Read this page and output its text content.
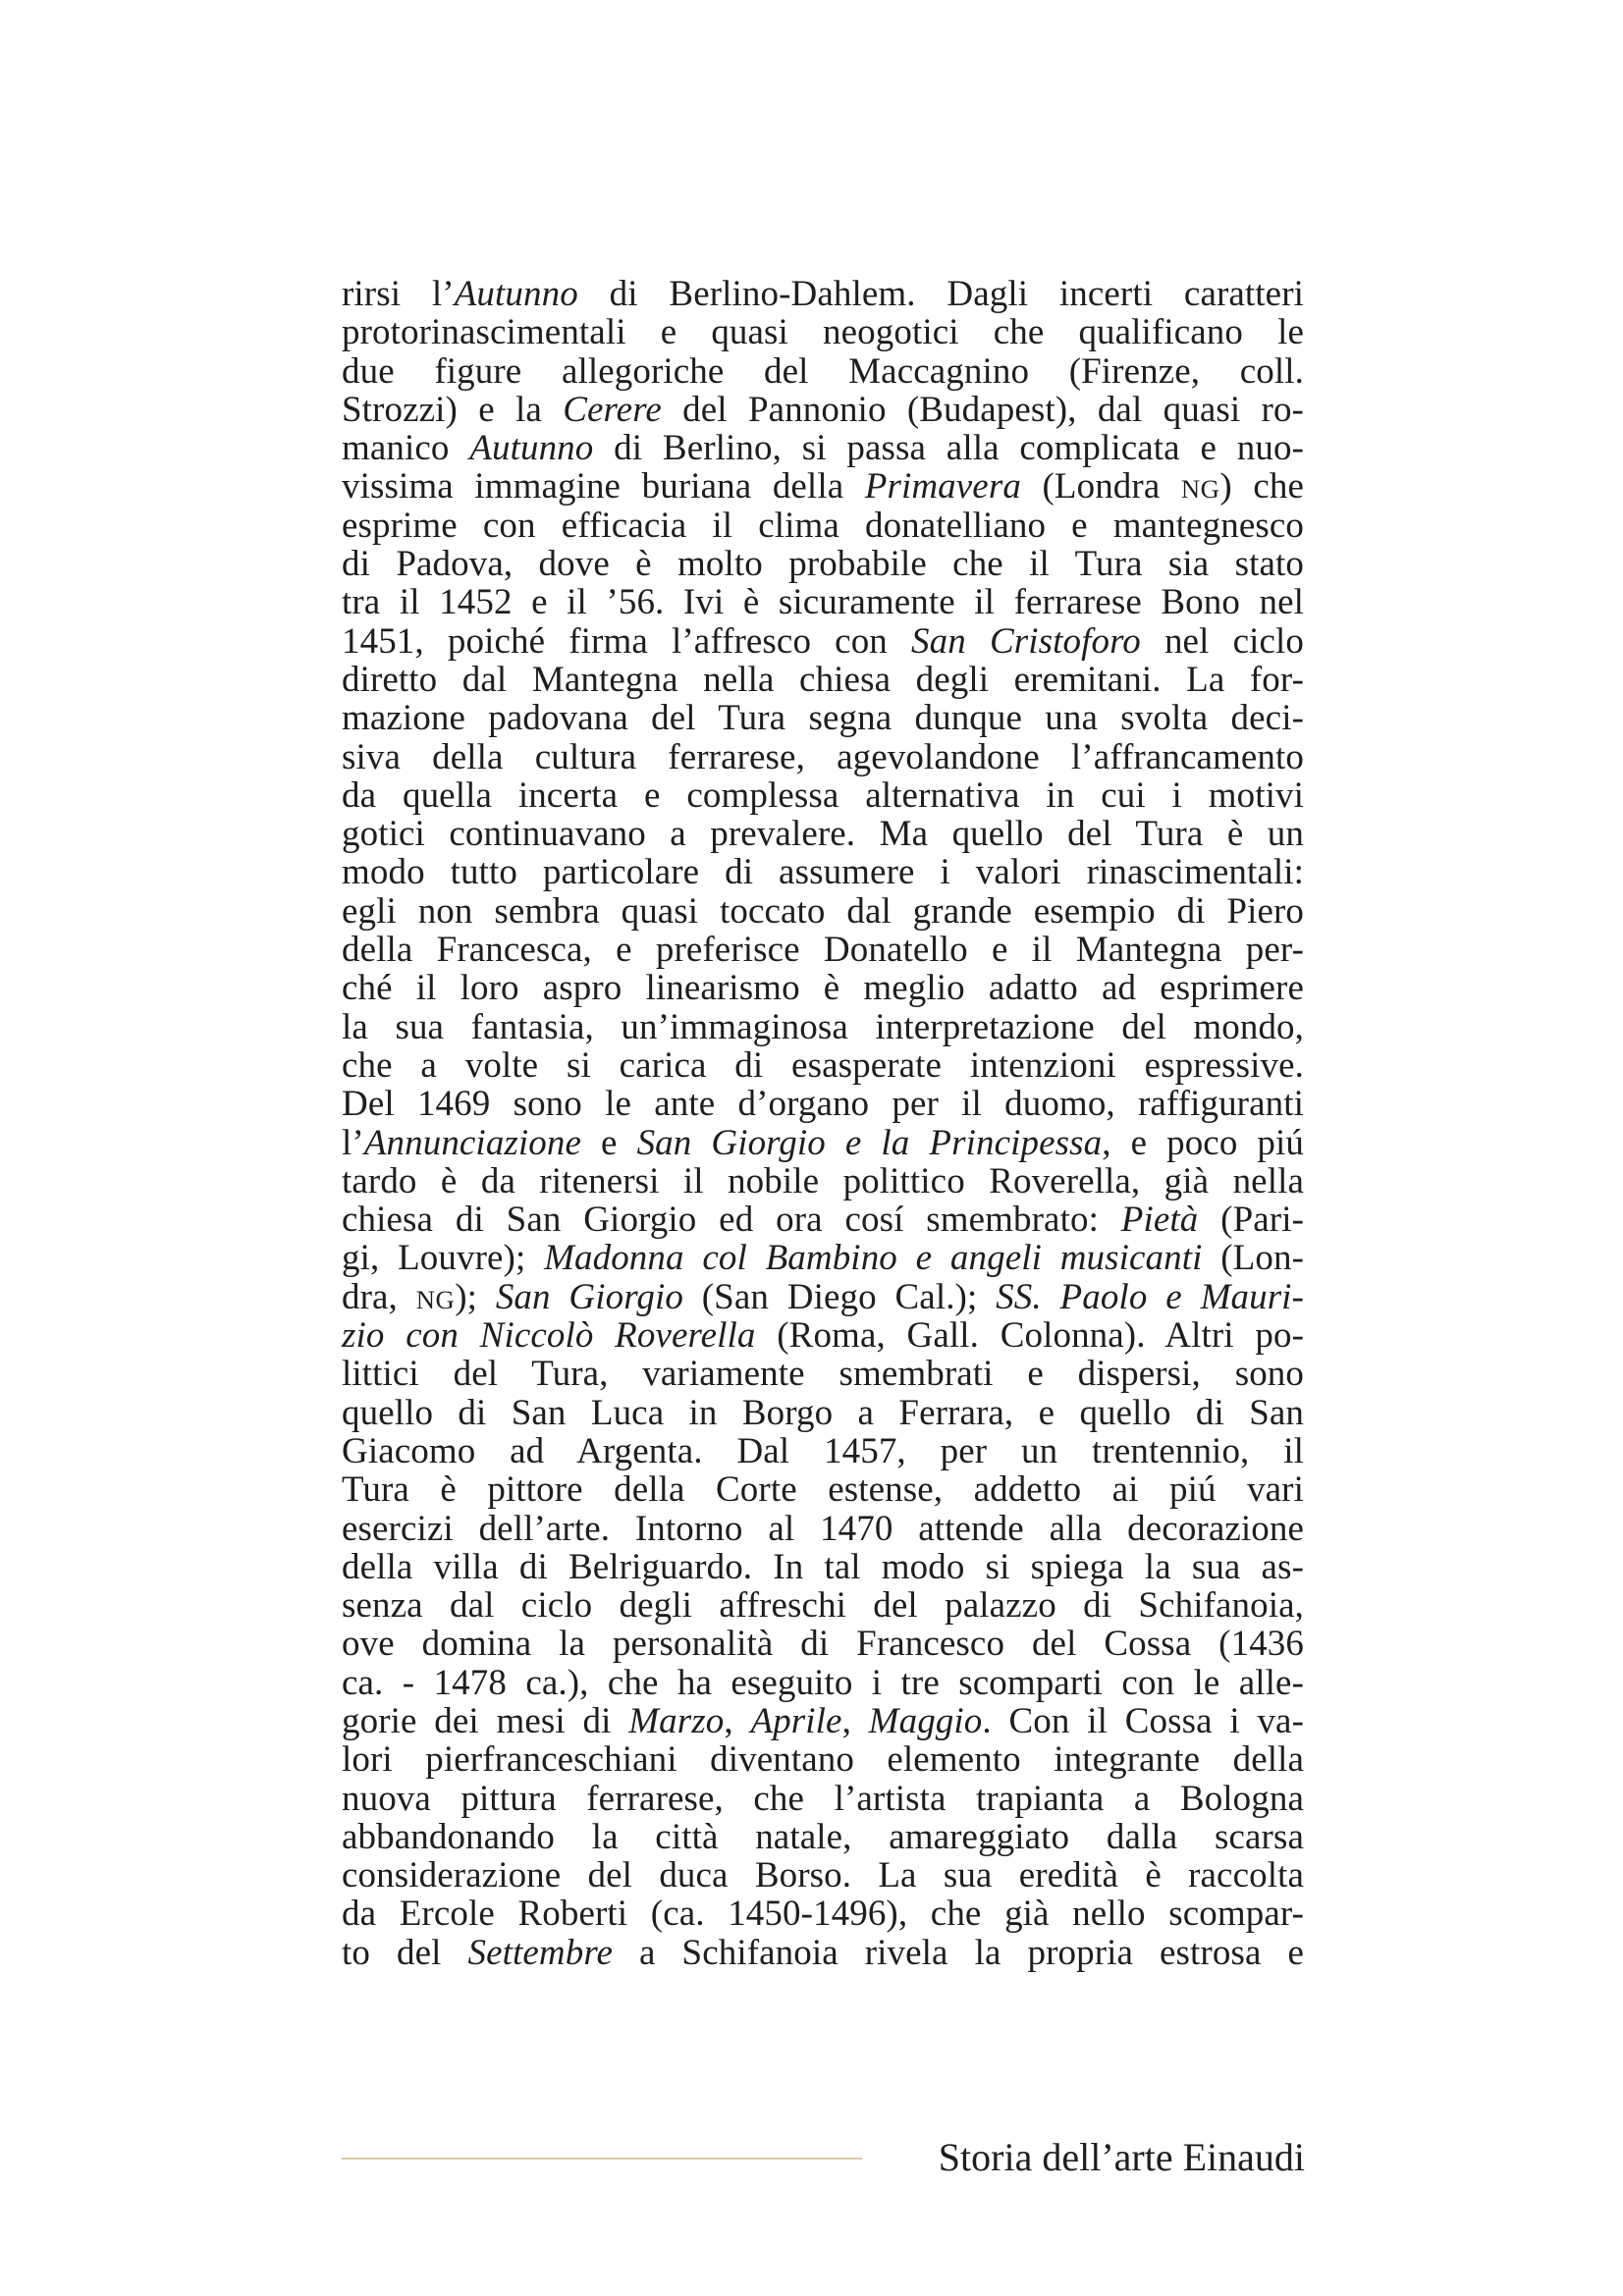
rirsi l’Autunno di Berlino-Dahlem. Dagli incerti caratteri
protorinascimentali e quasi neogotici che qualificano le
due figure allegoriche del Maccagnino (Firenze, coll.
Strozzi) e la Cerere del Pannonio (Budapest), dal quasi ro-
manico Autunno di Berlino, si passa alla complicata e nuo-
vissima immagine buriana della Primavera (Londra NG) che
esprime con efficacia il clima donatelliano e mantegnesco
di Padova, dove è molto probabile che il Tura sia stato
tra il 1452 e il ’56. Ivi è sicuramente il ferrarese Bono nel
1451, poiché firma l’affresco con San Cristoforo nel ciclo
diretto dal Mantegna nella chiesa degli eremitani. La for-
mazione padovana del Tura segna dunque una svolta deci-
siva della cultura ferrarese, agevolandone l’affrancamento
da quella incerta e complessa alternativa in cui i motivi
gotici continuavano a prevalere. Ma quello del Tura è un
modo tutto particolare di assumere i valori rinascimentali:
egli non sembra quasi toccato dal grande esempio di Piero
della Francesca, e preferisce Donatello e il Mantegna per-
ché il loro aspro linearismo è meglio adatto ad esprimere
la sua fantasia, un’immaginosa interpretazione del mondo,
che a volte si carica di esasperate intenzioni espressive.
Del 1469 sono le ante d’organo per il duomo, raffiguranti
l’Annunciazione e San Giorgio e la Principessa, e poco piú
tardo è da ritenersi il nobile polittico Roverella, già nella
chiesa di San Giorgio ed ora cosí smembrato: Pietà (Pari-
gi, Louvre); Madonna col Bambino e angeli musicanti (Lon-
dra, NG); San Giorgio (San Diego Cal.); SS. Paolo e Mauri-
zio con Niccolò Roverella (Roma, Gall. Colonna). Altri po-
littici del Tura, variamente smembrati e dispersi, sono
quello di San Luca in Borgo a Ferrara, e quello di San
Giacomo ad Argenta. Dal 1457, per un trentennio, il
Tura è pittore della Corte estense, addetto ai piú vari
esercizi dell’arte. Intorno al 1470 attende alla decorazione
della villa di Belriguardo. In tal modo si spiega la sua as-
senza dal ciclo degli affreschi del palazzo di Schifanoia,
ove domina la personalità di Francesco del Cossa (1436
ca. - 1478 ca.), che ha eseguito i tre scomparti con le alle-
gorie dei mesi di Marzo, Aprile, Maggio. Con il Cossa i va-
lori pierfranceschiani diventano elemento integrante della
nuova pittura ferrarese, che l’artista trapianta a Bologna
abbandonando la città natale, amareggiato dalla scarsa
considerazione del duca Borso. La sua eredità è raccolta
da Ercole Roberti (ca. 1450-1496), che già nello scompar-
to del Settembre a Schifanoia rivela la propria estrosa e
Storia dell’arte Einaudi
